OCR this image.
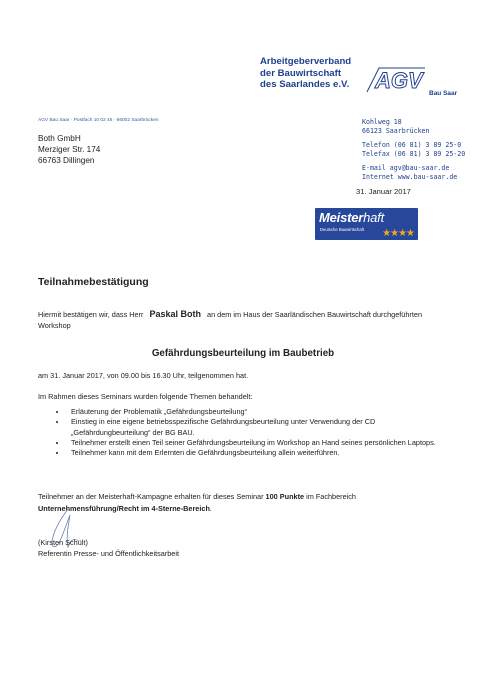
Arbeitgeberverband
der Bauwirtschaft
des Saarlandes e.V. AGV
Bau Saar
AGV Bau Saar · Postfach 10 02 45 · 66002 Saarbrücken
Both GmbH
Merziger Str. 174
66763 Dillingen
Kohlweg 18
66123 Saarbrücken
Telefon (06 81) 3 89 25-0
Telefax (06 81) 3 89 25-20
E-mail agv@bau-saar.de
Internet www.bau-saar.de
31. Januar 2017
Meisterhaft
Deutsche Bauwirtschaft ★★★★
Teilnahmebestätigung
Hiermit bestätigen wir, dass Herr Paskal Both an dem im Haus der Saarländischen Bauwirtschaft durchgeführten Workshop
Gefährdungsbeurteilung im Baubetrieb
am 31. Januar 2017, von 09.00 bis 16.30 Uhr, teilgenommen hat.
Im Rahmen dieses Seminars wurden folgende Themen behandelt:
• Erläuterung der Problematik „Gefährdungsbeurteilung“
• Einstieg in eine eigene betriebsspezifische Gefährdungsbeurteilung unter Verwendung der CD „Gefährdungbeurteilung“ der BG BAU.
• Teilnehmer erstellt einen Teil seiner Gefährdungsbeurteilung im Workshop an Hand seines persönlichen Laptops.
• Teilnehmer kann mit dem Erlernten die Gefährdungsbeurteilung allein weiterführen.
Teilnehmer an der Meisterhaft-Kampagne erhalten für dieses Seminar 100 Punkte im Fachbereich
Unternehmensführung/Recht im 4-Sterne-Bereich.
(Kirsten Schült)
Referentin Presse- und Öffentlichkeitsarbeit
